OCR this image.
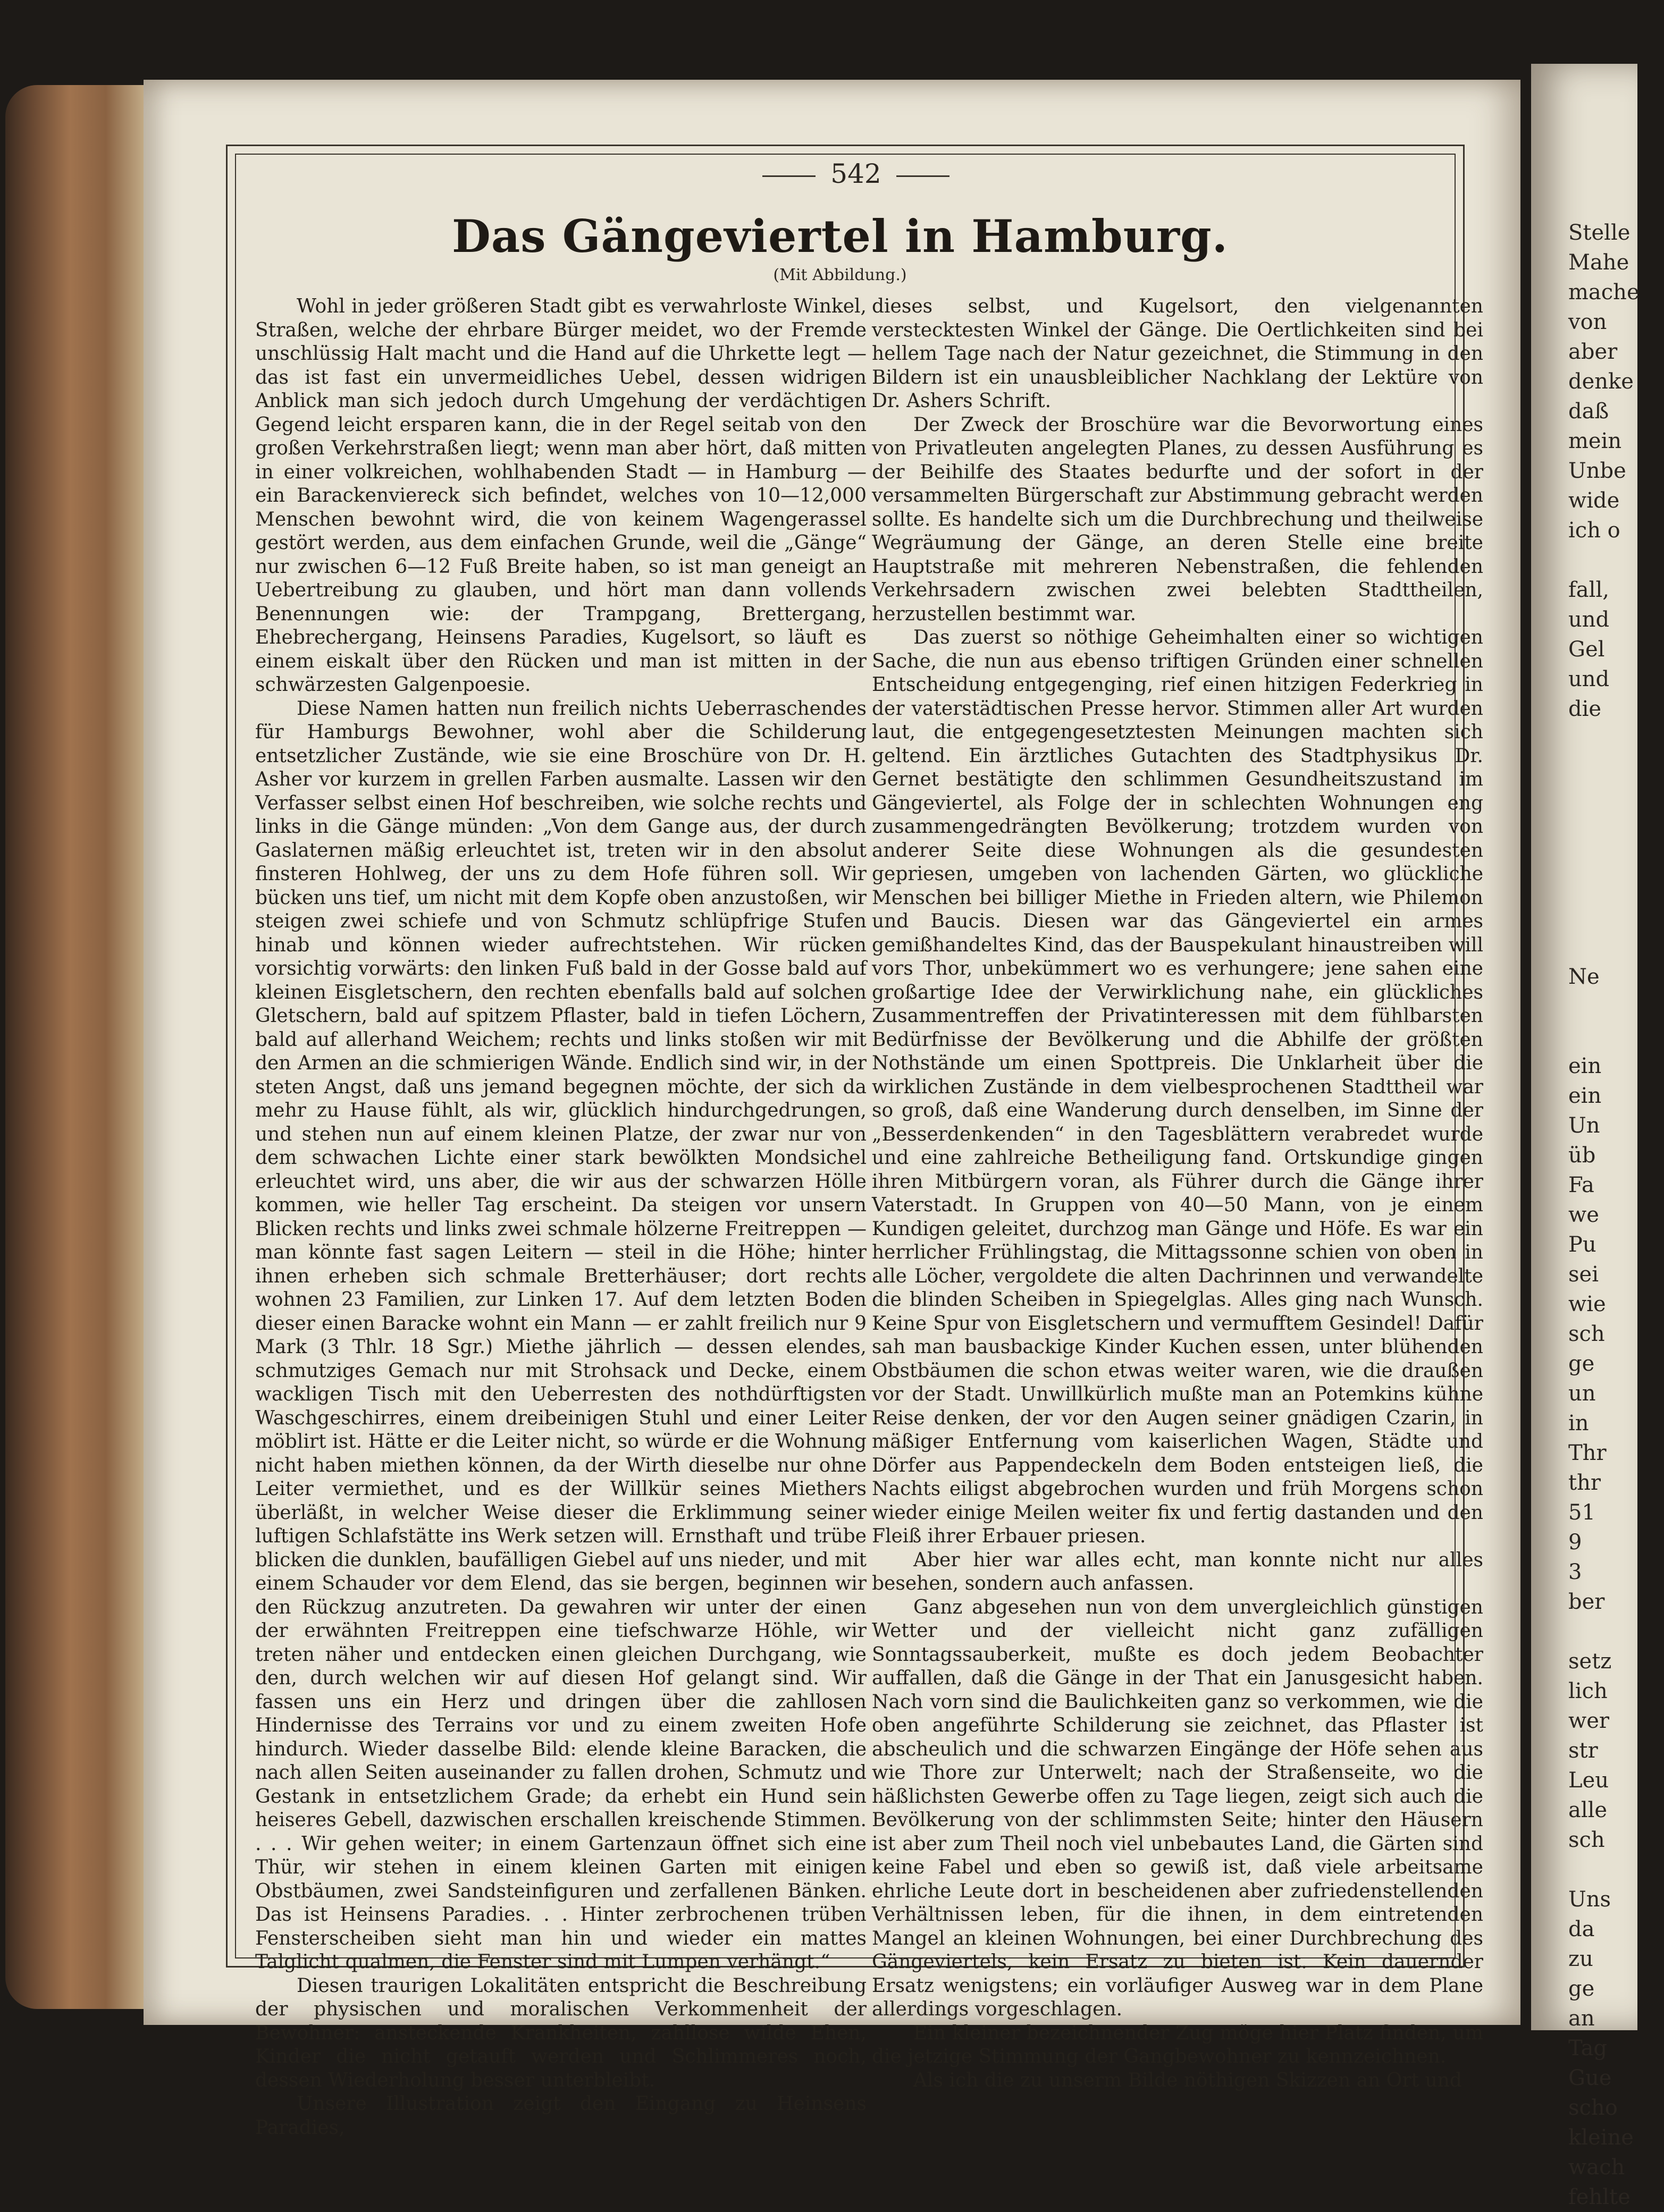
Stelle
Mahe
mache
von
aber
denke
daß
mein
Unbe
wide
ich o

fall,
und
Gel
und
die

Ne

ein
ein
Un
üb
Fa
we
Pu
sei
wie
sch
ge
un
in
Thr
thr
51
9
3
ber

setz
lich
wer
str
Leu
alle
sch

Uns
da
zu
ge
an
Tag
Gue
scho
kleine
wach
fehlte
542
Das Gängeviertel in Hamburg.
(Mit Abbildung.)

Wohl in jeder größeren Stadt gibt es verwahrloste Winkel, Straßen, welche der ehrbare Bürger meidet, wo der Fremde unschlüssig Halt macht und die Hand auf die Uhrkette legt — das ist fast ein unvermeidliches Uebel, dessen widrigen Anblick man sich jedoch durch Umgehung der verdächtigen Gegend leicht ersparen kann, die in der Regel seitab von den großen Verkehrstraßen liegt; wenn man aber hört, daß mitten in einer volkreichen, wohlhabenden Stadt — in Hamburg — ein Barackenviereck sich befindet, welches von 10—12,000 Menschen bewohnt wird, die von keinem Wagengerassel gestört werden, aus dem einfachen Grunde, weil die „Gänge“ nur zwischen 6—12 Fuß Breite haben, so ist man geneigt an Uebertreibung zu glauben, und hört man dann vollends Benennungen wie: der Trampgang, Brettergang, Ehebrechergang, Heinsens Paradies, Kugelsort, so läuft es einem eiskalt über den Rücken und man ist mitten in der schwärzesten Galgenpoesie.

Diese Namen hatten nun freilich nichts Ueberraschendes für Hamburgs Bewohner, wohl aber die Schilderung entsetzlicher Zustände, wie sie eine Broschüre von Dr. H. Asher vor kurzem in grellen Farben ausmalte. Lassen wir den Verfasser selbst einen Hof beschreiben, wie solche rechts und links in die Gänge münden: „Von dem Gange aus, der durch Gaslaternen mäßig erleuchtet ist, treten wir in den absolut finsteren Hohlweg, der uns zu dem Hofe führen soll. Wir bücken uns tief, um nicht mit dem Kopfe oben anzustoßen, wir steigen zwei schiefe und von Schmutz schlüpfrige Stufen hinab und können wieder aufrechtstehen. Wir rücken vorsichtig vorwärts: den linken Fuß bald in der Gosse bald auf kleinen Eisgletschern, den rechten ebenfalls bald auf solchen Gletschern, bald auf spitzem Pflaster, bald in tiefen Löchern, bald auf allerhand Weichem; rechts und links stoßen wir mit den Armen an die schmierigen Wände. Endlich sind wir, in der steten Angst, daß uns jemand begegnen möchte, der sich da mehr zu Hause fühlt, als wir, glücklich hindurchgedrungen, und stehen nun auf einem kleinen Platze, der zwar nur von dem schwachen Lichte einer stark bewölkten Mondsichel erleuchtet wird, uns aber, die wir aus der schwarzen Hölle kommen, wie heller Tag erscheint. Da steigen vor unsern Blicken rechts und links zwei schmale hölzerne Freitreppen — man könnte fast sagen Leitern — steil in die Höhe; hinter ihnen erheben sich schmale Bretterhäuser; dort rechts wohnen 23 Familien, zur Linken 17. Auf dem letzten Boden dieser einen Baracke wohnt ein Mann — er zahlt freilich nur 9 Mark (3 Thlr. 18 Sgr.) Miethe jährlich — dessen elendes, schmutziges Gemach nur mit Strohsack und Decke, einem wackligen Tisch mit den Ueberresten des nothdürftigsten Waschgeschirres, einem dreibeinigen Stuhl und einer Leiter möblirt ist. Hätte er die Leiter nicht, so würde er die Wohnung nicht haben miethen können, da der Wirth dieselbe nur ohne Leiter vermiethet, und es der Willkür seines Miethers überläßt, in welcher Weise dieser die Erklimmung seiner luftigen Schlafstätte ins Werk setzen will. Ernsthaft und trübe blicken die dunklen, baufälligen Giebel auf uns nieder, und mit einem Schauder vor dem Elend, das sie bergen, beginnen wir den Rückzug anzutreten. Da gewahren wir unter der einen der erwähnten Freitreppen eine tiefschwarze Höhle, wir treten näher und entdecken einen gleichen Durchgang, wie den, durch welchen wir auf diesen Hof gelangt sind. Wir fassen uns ein Herz und dringen über die zahllosen Hindernisse des Terrains vor und zu einem zweiten Hofe hindurch. Wieder dasselbe Bild: elende kleine Baracken, die nach allen Seiten auseinander zu fallen drohen, Schmutz und Gestank in entsetzlichem Grade; da erhebt ein Hund sein heiseres Gebell, dazwischen erschallen kreischende Stimmen. . . . Wir gehen weiter; in einem Gartenzaun öffnet sich eine Thür, wir stehen in einem kleinen Garten mit einigen Obstbäumen, zwei Sandsteinfiguren und zerfallenen Bänken. Das ist Heinsens Paradies. . . Hinter zerbrochenen trüben Fensterscheiben sieht man hin und wieder ein mattes Talglicht qualmen, die Fenster sind mit Lumpen verhängt.“

Diesen traurigen Lokalitäten entspricht die Beschreibung der physischen und moralischen Verkommenheit der Bewohner: ansteckende Krankheiten, zahllose wilde Ehen, Kinder die nicht getauft werden und Schlimmeres noch, dessen Wiederholung besser unterbleibt.

Unsere Illustration zeigt den Eingang zu Heinsens Paradies,

dieses selbst, und Kugelsort, den vielgenannten verstecktesten Winkel der Gänge. Die Oertlichkeiten sind bei hellem Tage nach der Natur gezeichnet, die Stimmung in den Bildern ist ein unausbleiblicher Nachklang der Lektüre von Dr. Ashers Schrift.

Der Zweck der Broschüre war die Bevorwortung eines von Privatleuten angelegten Planes, zu dessen Ausführung es der Beihilfe des Staates bedurfte und der sofort in der versammelten Bürgerschaft zur Abstimmung gebracht werden sollte. Es handelte sich um die Durchbrechung und theilweise Wegräumung der Gänge, an deren Stelle eine breite Hauptstraße mit mehreren Nebenstraßen, die fehlenden Verkehrsadern zwischen zwei belebten Stadttheilen, herzustellen bestimmt war.

Das zuerst so nöthige Geheimhalten einer so wichtigen Sache, die nun aus ebenso triftigen Gründen einer schnellen Entscheidung entgegenging, rief einen hitzigen Federkrieg in der vaterstädtischen Presse hervor. Stimmen aller Art wurden laut, die entgegengesetztesten Meinungen machten sich geltend. Ein ärztliches Gutachten des Stadtphysikus Dr. Gernet bestätigte den schlimmen Gesundheitszustand im Gängeviertel, als Folge der in schlechten Wohnungen eng zusammengedrängten Bevölkerung; trotzdem wurden von anderer Seite diese Wohnungen als die gesundesten gepriesen, umgeben von lachenden Gärten, wo glückliche Menschen bei billiger Miethe in Frieden altern, wie Philemon und Baucis. Diesen war das Gängeviertel ein armes gemißhandeltes Kind, das der Bauspekulant hinaustreiben will vors Thor, unbekümmert wo es verhungere; jene sahen eine großartige Idee der Verwirklichung nahe, ein glückliches Zusammentreffen der Privatinteressen mit dem fühlbarsten Bedürfnisse der Bevölkerung und die Abhilfe der größten Nothstände um einen Spottpreis. Die Unklarheit über die wirklichen Zustände in dem vielbesprochenen Stadttheil war so groß, daß eine Wanderung durch denselben, im Sinne der „Besserdenkenden“ in den Tagesblättern verabredet wurde und eine zahlreiche Betheiligung fand. Ortskundige gingen ihren Mitbürgern voran, als Führer durch die Gänge ihrer Vaterstadt. In Gruppen von 40—50 Mann, von je einem Kundigen geleitet, durchzog man Gänge und Höfe. Es war ein herrlicher Frühlingstag, die Mittagssonne schien von oben in alle Löcher, vergoldete die alten Dachrinnen und verwandelte die blinden Scheiben in Spiegelglas. Alles ging nach Wunsch. Keine Spur von Eisgletschern und vermufftem Gesindel! Dafür sah man bausbackige Kinder Kuchen essen, unter blühenden Obstbäumen die schon etwas weiter waren, wie die draußen vor der Stadt. Unwillkürlich mußte man an Potemkins kühne Reise denken, der vor den Augen seiner gnädigen Czarin, in mäßiger Entfernung vom kaiserlichen Wagen, Städte und Dörfer aus Pappendeckeln dem Boden entsteigen ließ, die Nachts eiligst abgebrochen wurden und früh Morgens schon wieder einige Meilen weiter fix und fertig dastanden und den Fleiß ihrer Erbauer priesen.

Aber hier war alles echt, man konnte nicht nur alles besehen, sondern auch anfassen.

Ganz abgesehen nun von dem unvergleichlich günstigen Wetter und der vielleicht nicht ganz zufälligen Sonntagssauberkeit, mußte es doch jedem Beobachter auffallen, daß die Gänge in der That ein Janusgesicht haben. Nach vorn sind die Baulichkeiten ganz so verkommen, wie die oben angeführte Schilderung sie zeichnet, das Pflaster ist abscheulich und die schwarzen Eingänge der Höfe sehen aus wie Thore zur Unterwelt; nach der Straßenseite, wo die häßlichsten Gewerbe offen zu Tage liegen, zeigt sich auch die Bevölkerung von der schlimmsten Seite; hinter den Häusern ist aber zum Theil noch viel unbebautes Land, die Gärten sind keine Fabel und eben so gewiß ist, daß viele arbeitsame ehrliche Leute dort in bescheidenen aber zufriedenstellenden Verhältnissen leben, für die ihnen, in dem eintretenden Mangel an kleinen Wohnungen, bei einer Durchbrechung des Gängeviertels, kein Ersatz zu bieten ist. Kein dauernder Ersatz wenigstens; ein vorläufiger Ausweg war in dem Plane allerdings vorgeschlagen.

Ein kleiner bezeichnender Zug möge hier Platz finden, um die jetzige Stimmung der Gangbewohner zu kennzeichnen.

Als ich die zu unserm Bilde nöthigen Skizzen an Ort und
